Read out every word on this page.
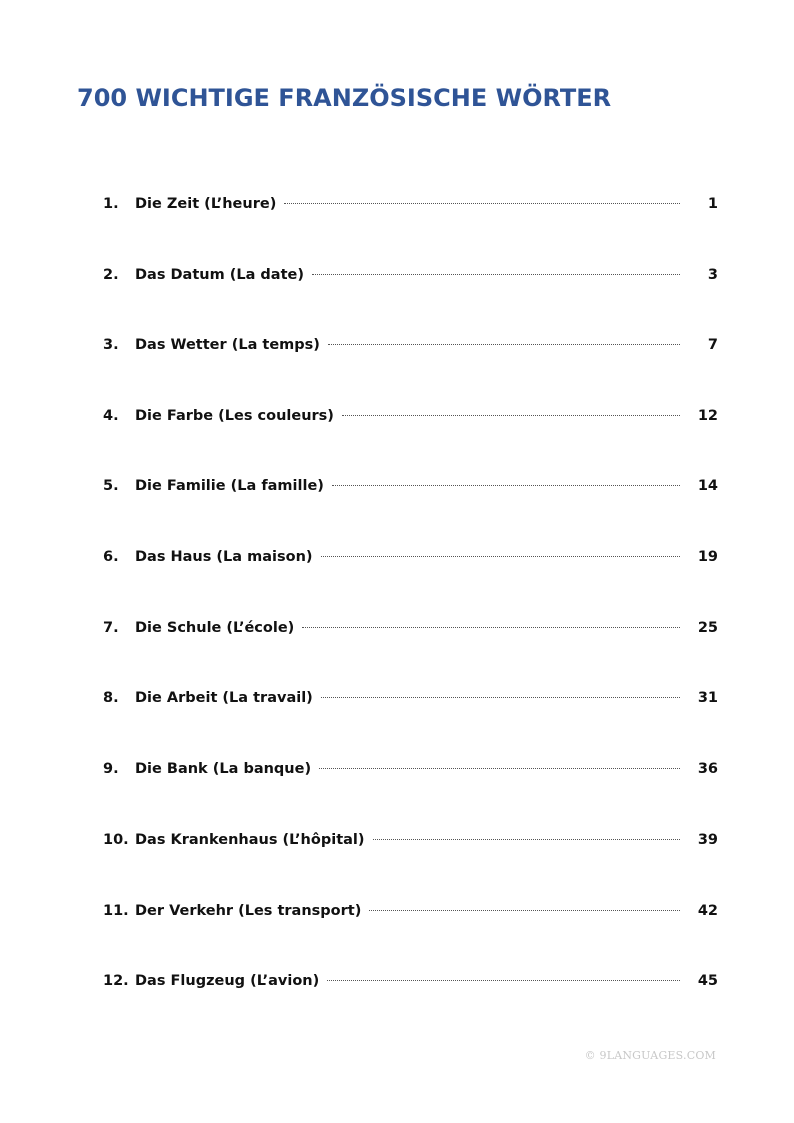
700 WICHTIGE FRANZÖSISCHE WÖRTER
1.	Die Zeit (L’heure)	1
2.	Das Datum (La date)	3
3.	Das Wetter (La temps)	7
4.	Die Farbe (Les couleurs)	12
5.	Die Familie (La famille)	14
6.	Das Haus (La maison)	19
7.	Die Schule (L’école)	25
8.	Die Arbeit (La travail)	31
9.	Die Bank (La banque)	36
10. Das Krankenhaus (L’hôpital)	39
11. Der Verkehr (Les transport)	42
12. Das Flugzeug (L’avion)	45
© 9LANGUAGES.COM
